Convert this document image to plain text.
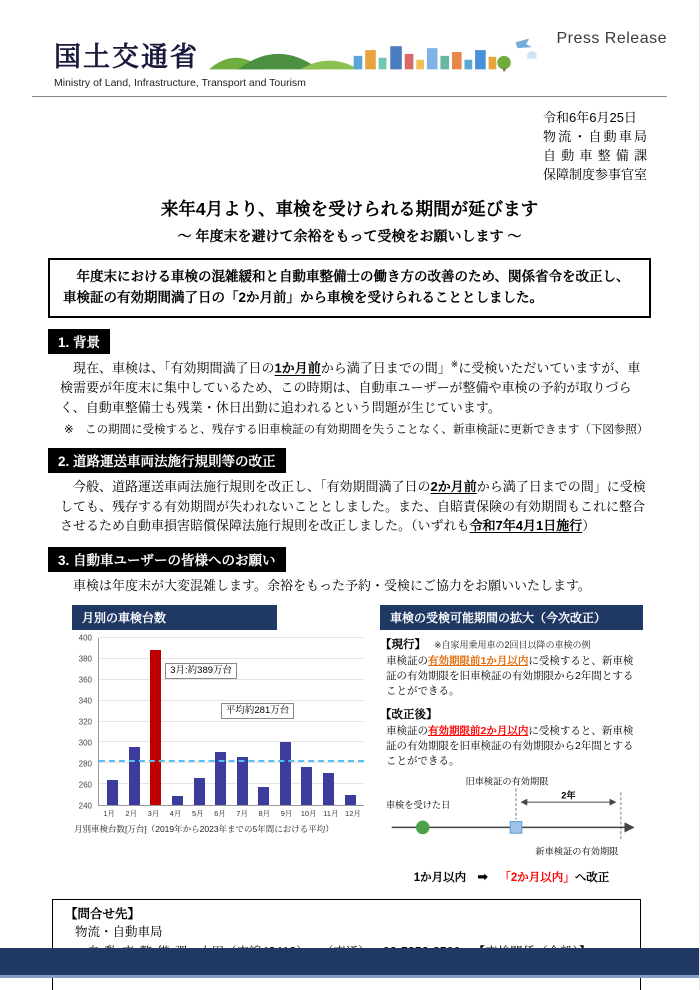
国土交通省
Press Release
Ministry of Land, Infrastructure, Transport and Tourism
令和6年6月25日
物流・自動車局
自動車整備課
保障制度参事官室
来年4月より、車検を受けられる期間が延びます
～ 年度末を避けて余裕をもって受検をお願いします ～
　年度末における車検の混雑緩和と自動車整備士の働き方の改善のため、関係省令を改正し、車検証の有効期間満了日の「2か月前」から車検を受けられることとしました。
1. 背景

　現在、車検は、「有効期間満了日の1か月前から満了日までの間」※に受検いただいていますが、車検需要が年度末に集中しているため、この時期は、自動車ユーザーが整備や車検の予約が取りづらく、自動車整備士も残業・休日出勤に追われるという問題が生じています。

※　この期間に受検すると、残存する旧車検証の有効期間を失うことなく、新車検証に更新できます（下図参照）
2. 道路運送車両法施行規則等の改正

　今般、道路運送車両法施行規則を改正し、「有効期間満了日の2か月前から満了日までの間」に受検しても、残存する有効期間が失われないこととしました。また、自賠責保険の有効期間もこれに整合させるため自動車損害賠償保障法施行規則を改正しました。（いずれも令和7年4月1日施行）

3. 自動車ユーザーの皆様へのお願い

　車検は年度末が大変混雑します。余裕をもった予約・受検にご協力をお願いいたします。

月別の車検台数
240
260
280
300
320
340
360
380
400
3月:約389万台
平均約281万台
1月	2月	3月	4月	5月	6月	7月	8月	9月	10月 11月 12月
月別車検台数[万台]（2019年から2023年までの5年間における平均）
車検の受検可能期間の拡大（今次改正）
【現行】 ※自家用乗用車の2回目以降の車検の例

車検証の有効期限前1か月以内に受検すると、新車検証の有効期限を旧車検証の有効期限から2年間とすることができる。

【改正後】

車検証の有効期限前2か月以内に受検すると、新車検証の有効期限を旧車検証の有効期限から2年間とすることができる。

車検を受けた日
旧車検証の有効期限
2年
新車検証の有効期限
1か月以内 ➡ 「2か月以内」へ改正
【問合せ先】
物流・自動車局
